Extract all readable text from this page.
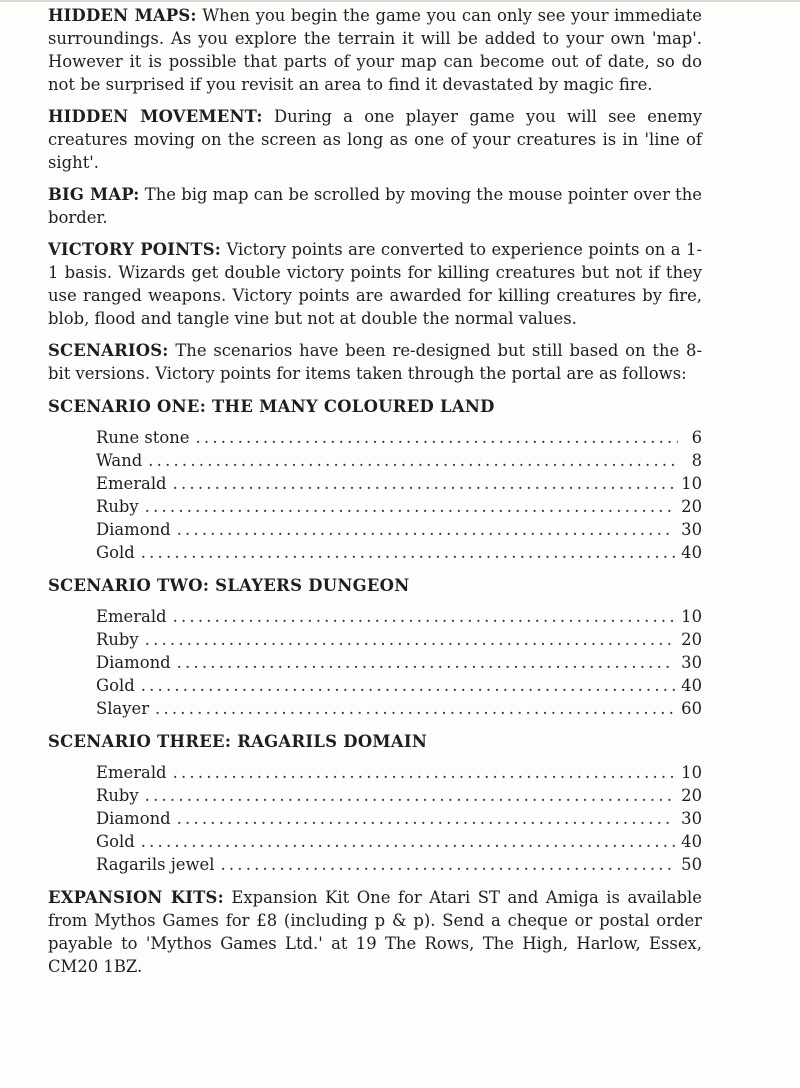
HIDDEN MAPS: When you begin the game you can only see your immediate surroundings. As you explore the terrain it will be added to your own 'map'. However it is possible that parts of your map can become out of date, so do not be surprised if you revisit an area to find it devastated by magic fire.

HIDDEN MOVEMENT: During a one player game you will see enemy creatures moving on the screen as long as one of your creatures is in 'line of sight'.

BIG MAP: The big map can be scrolled by moving the mouse pointer over the border.

VICTORY POINTS: Victory points are converted to experience points on a 1-1 basis. Wizards get double victory points for killing creatures but not if they use ranged weapons. Victory points are awarded for killing creatures by fire, blob, flood and tangle vine but not at double the normal values.

SCENARIOS: The scenarios have been re-designed but still based on the 8-bit versions. Victory points for items taken through the portal are as follows:

SCENARIO ONE: THE MANY COLOURED LAND
Rune stone . . .	6
Wand . . .	8
Emerald . . .	10
Ruby . . .	20
Diamond . . .	30
Gold . . .	40
SCENARIO TWO: SLAYERS DUNGEON
Emerald . . .	10
Ruby . . .	20
Diamond . . .	30
Gold . . .	40
Slayer . . .	60
SCENARIO THREE: RAGARILS DOMAIN
Emerald . . .	10
Ruby . . .	20
Diamond . . .	30
Gold . . .	40
Ragarils jewel . . .	50

EXPANSION KITS: Expansion Kit One for Atari ST and Amiga is available from Mythos Games for £8 (including p & p). Send a cheque or postal order payable to 'Mythos Games Ltd.' at 19 The Rows, The High, Harlow, Essex, CM20 1BZ.
